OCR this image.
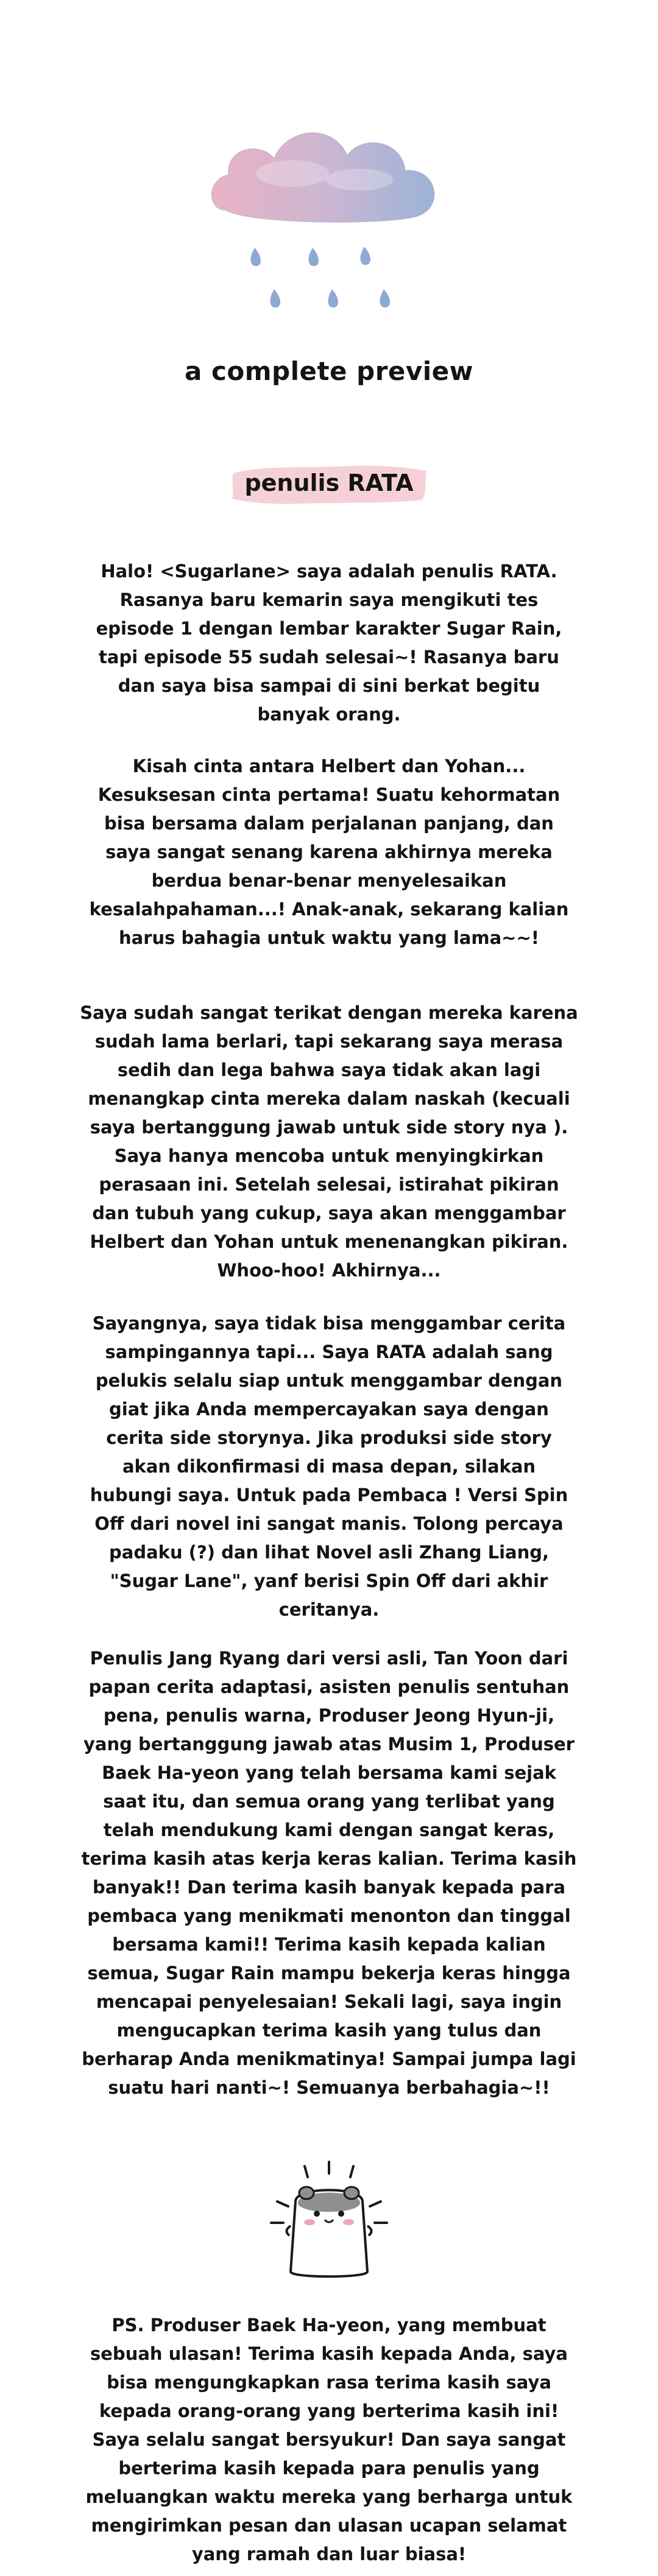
a complete preview
penulis RATA

Halo! <Sugarlane> saya adalah penulis RATA. Rasanya baru kemarin saya mengikuti tes episode 1 dengan lembar karakter Sugar Rain, tapi episode 55 sudah selesai~! Rasanya baru dan saya bisa sampai di sini berkat begitu banyak orang.

Kisah cinta antara Helbert dan Yohan... Kesuksesan cinta pertama! Suatu kehormatan bisa bersama dalam perjalanan panjang, dan saya sangat senang karena akhirnya mereka berdua benar-benar menyelesaikan kesalahpahaman...! Anak-anak, sekarang kalian harus bahagia untuk waktu yang lama~~!

Saya sudah sangat terikat dengan mereka karena sudah lama berlari, tapi sekarang saya merasa sedih dan lega bahwa saya tidak akan lagi menangkap cinta mereka dalam naskah (kecuali saya bertanggung jawab untuk side story nya ). Saya hanya mencoba untuk menyingkirkan perasaan ini. Setelah selesai, istirahat pikiran dan tubuh yang cukup, saya akan menggambar Helbert dan Yohan untuk menenangkan pikiran. Whoo-hoo! Akhirnya...

Sayangnya, saya tidak bisa menggambar cerita sampingannya tapi... Saya RATA adalah sang pelukis selalu siap untuk menggambar dengan giat jika Anda mempercayakan saya dengan cerita side storynya. Jika produksi side story akan dikonfirmasi di masa depan, silakan hubungi saya. Untuk pada Pembaca ! Versi Spin Off dari novel ini sangat manis. Tolong percaya padaku (?) dan lihat Novel asli Zhang Liang, "Sugar Lane", yanf berisi Spin Off dari akhir ceritanya.

Penulis Jang Ryang dari versi asli, Tan Yoon dari papan cerita adaptasi, asisten penulis sentuhan pena, penulis warna, Produser Jeong Hyun-ji, yang bertanggung jawab atas Musim 1, Produser Baek Ha-yeon yang telah bersama kami sejak saat itu, dan semua orang yang terlibat yang telah mendukung kami dengan sangat keras, terima kasih atas kerja keras kalian. Terima kasih banyak!! Dan terima kasih banyak kepada para pembaca yang menikmati menonton dan tinggal bersama kami!! Terima kasih kepada kalian semua, Sugar Rain mampu bekerja keras hingga mencapai penyelesaian! Sekali lagi, saya ingin mengucapkan terima kasih yang tulus dan berharap Anda menikmatinya! Sampai jumpa lagi suatu hari nanti~! Semuanya berbahagia~!!

PS. Produser Baek Ha-yeon, yang membuat sebuah ulasan! Terima kasih kepada Anda, saya bisa mengungkapkan rasa terima kasih saya kepada orang-orang yang berterima kasih ini! Saya selalu sangat bersyukur! Dan saya sangat berterima kasih kepada para penulis yang meluangkan waktu mereka yang berharga untuk mengirimkan pesan dan ulasan ucapan selamat yang ramah dan luar biasa!
